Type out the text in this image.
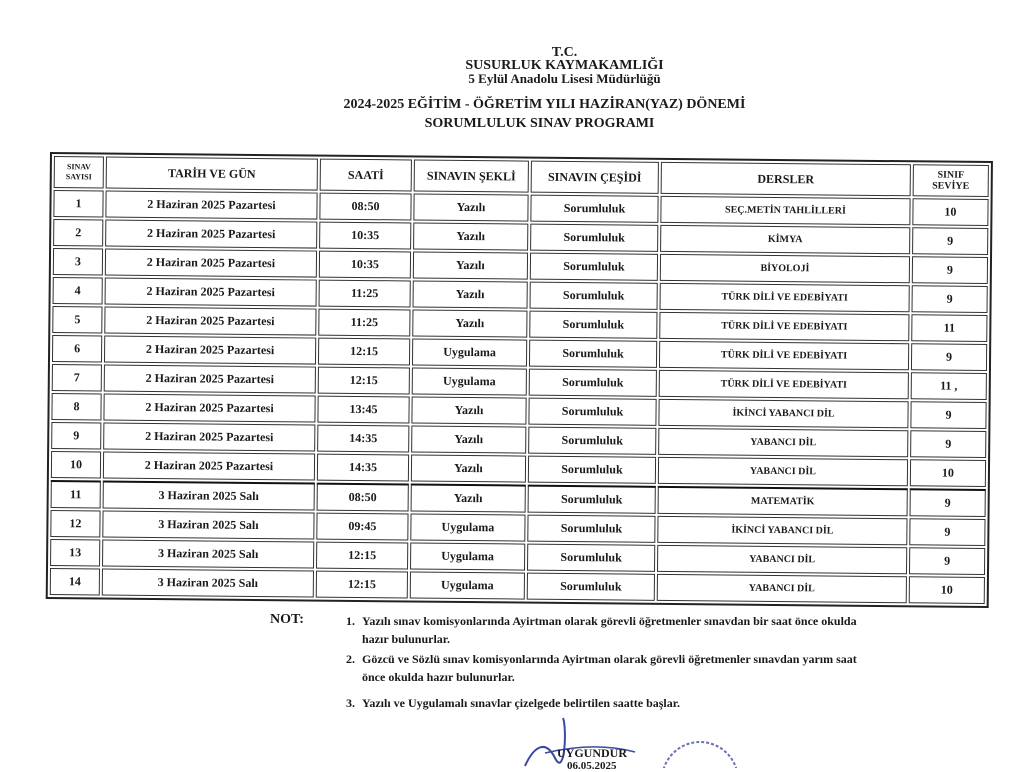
T.C.
SUSURLUK KAYMAKAMLIĞI
5 Eylül Anadolu Lisesi Müdürlüğü
2024-2025 EĞİTİM - ÖĞRETİM YILI HAZİRAN(YAZ) DÖNEMİ
SORUMLULUK SINAV PROGRAMI
SINAV
SAYISI	TARİH VE GÜN	SAATİ	SINAVIN ŞEKLİ	SINAVIN ÇEŞİDİ	DERSLER	SINIF
SEVİYE
1	2 Haziran 2025 Pazartesi	08:50	Yazılı	Sorumluluk	SEÇ.METİN TAHLİLLERİ	10
2	2 Haziran 2025 Pazartesi	10:35	Yazılı	Sorumluluk	KİMYA	9
3	2 Haziran 2025 Pazartesi	10:35	Yazılı	Sorumluluk	BİYOLOJİ	9
4	2 Haziran 2025 Pazartesi	11:25	Yazılı	Sorumluluk	TÜRK DİLİ VE EDEBİYATI	9
5	2 Haziran 2025 Pazartesi	11:25	Yazılı	Sorumluluk	TÜRK DİLİ VE EDEBİYATI	11
6	2 Haziran 2025 Pazartesi	12:15	Uygulama	Sorumluluk	TÜRK DİLİ VE EDEBİYATI	9
7	2 Haziran 2025 Pazartesi	12:15	Uygulama	Sorumluluk	TÜRK DİLİ VE EDEBİYATI	11 ,
8	2 Haziran 2025 Pazartesi	13:45	Yazılı	Sorumluluk	İKİNCİ YABANCI DİL	9
9	2 Haziran 2025 Pazartesi	14:35	Yazılı	Sorumluluk	YABANCI DİL	9
10	2 Haziran 2025 Pazartesi	14:35	Yazılı	Sorumluluk	YABANCI DİL	10
11	3 Haziran 2025 Salı	08:50	Yazılı	Sorumluluk	MATEMATİK	9
12	3 Haziran 2025 Salı	09:45	Uygulama	Sorumluluk	İKİNCİ YABANCI DİL	9
13	3 Haziran 2025 Salı	12:15	Uygulama	Sorumluluk	YABANCI DİL	9
14	3 Haziran 2025 Salı	12:15	Uygulama	Sorumluluk	YABANCI DİL	10
NOT:	1. Yazılı sınav komisyonlarında Ayirtman olarak görevli öğretmenler sınavdan bir saat önce okulda
hazır bulunurlar.
2. Gözcü ve Sözlü sınav komisyonlarında Ayirtman olarak görevli öğretmenler sınavdan yarım saat
önce okulda hazır bulunurlar.
3. Yazılı ve Uygulamalı sınavlar çizelgede belirtilen saatte başlar.
UYGUNDUR
06.05.2025
